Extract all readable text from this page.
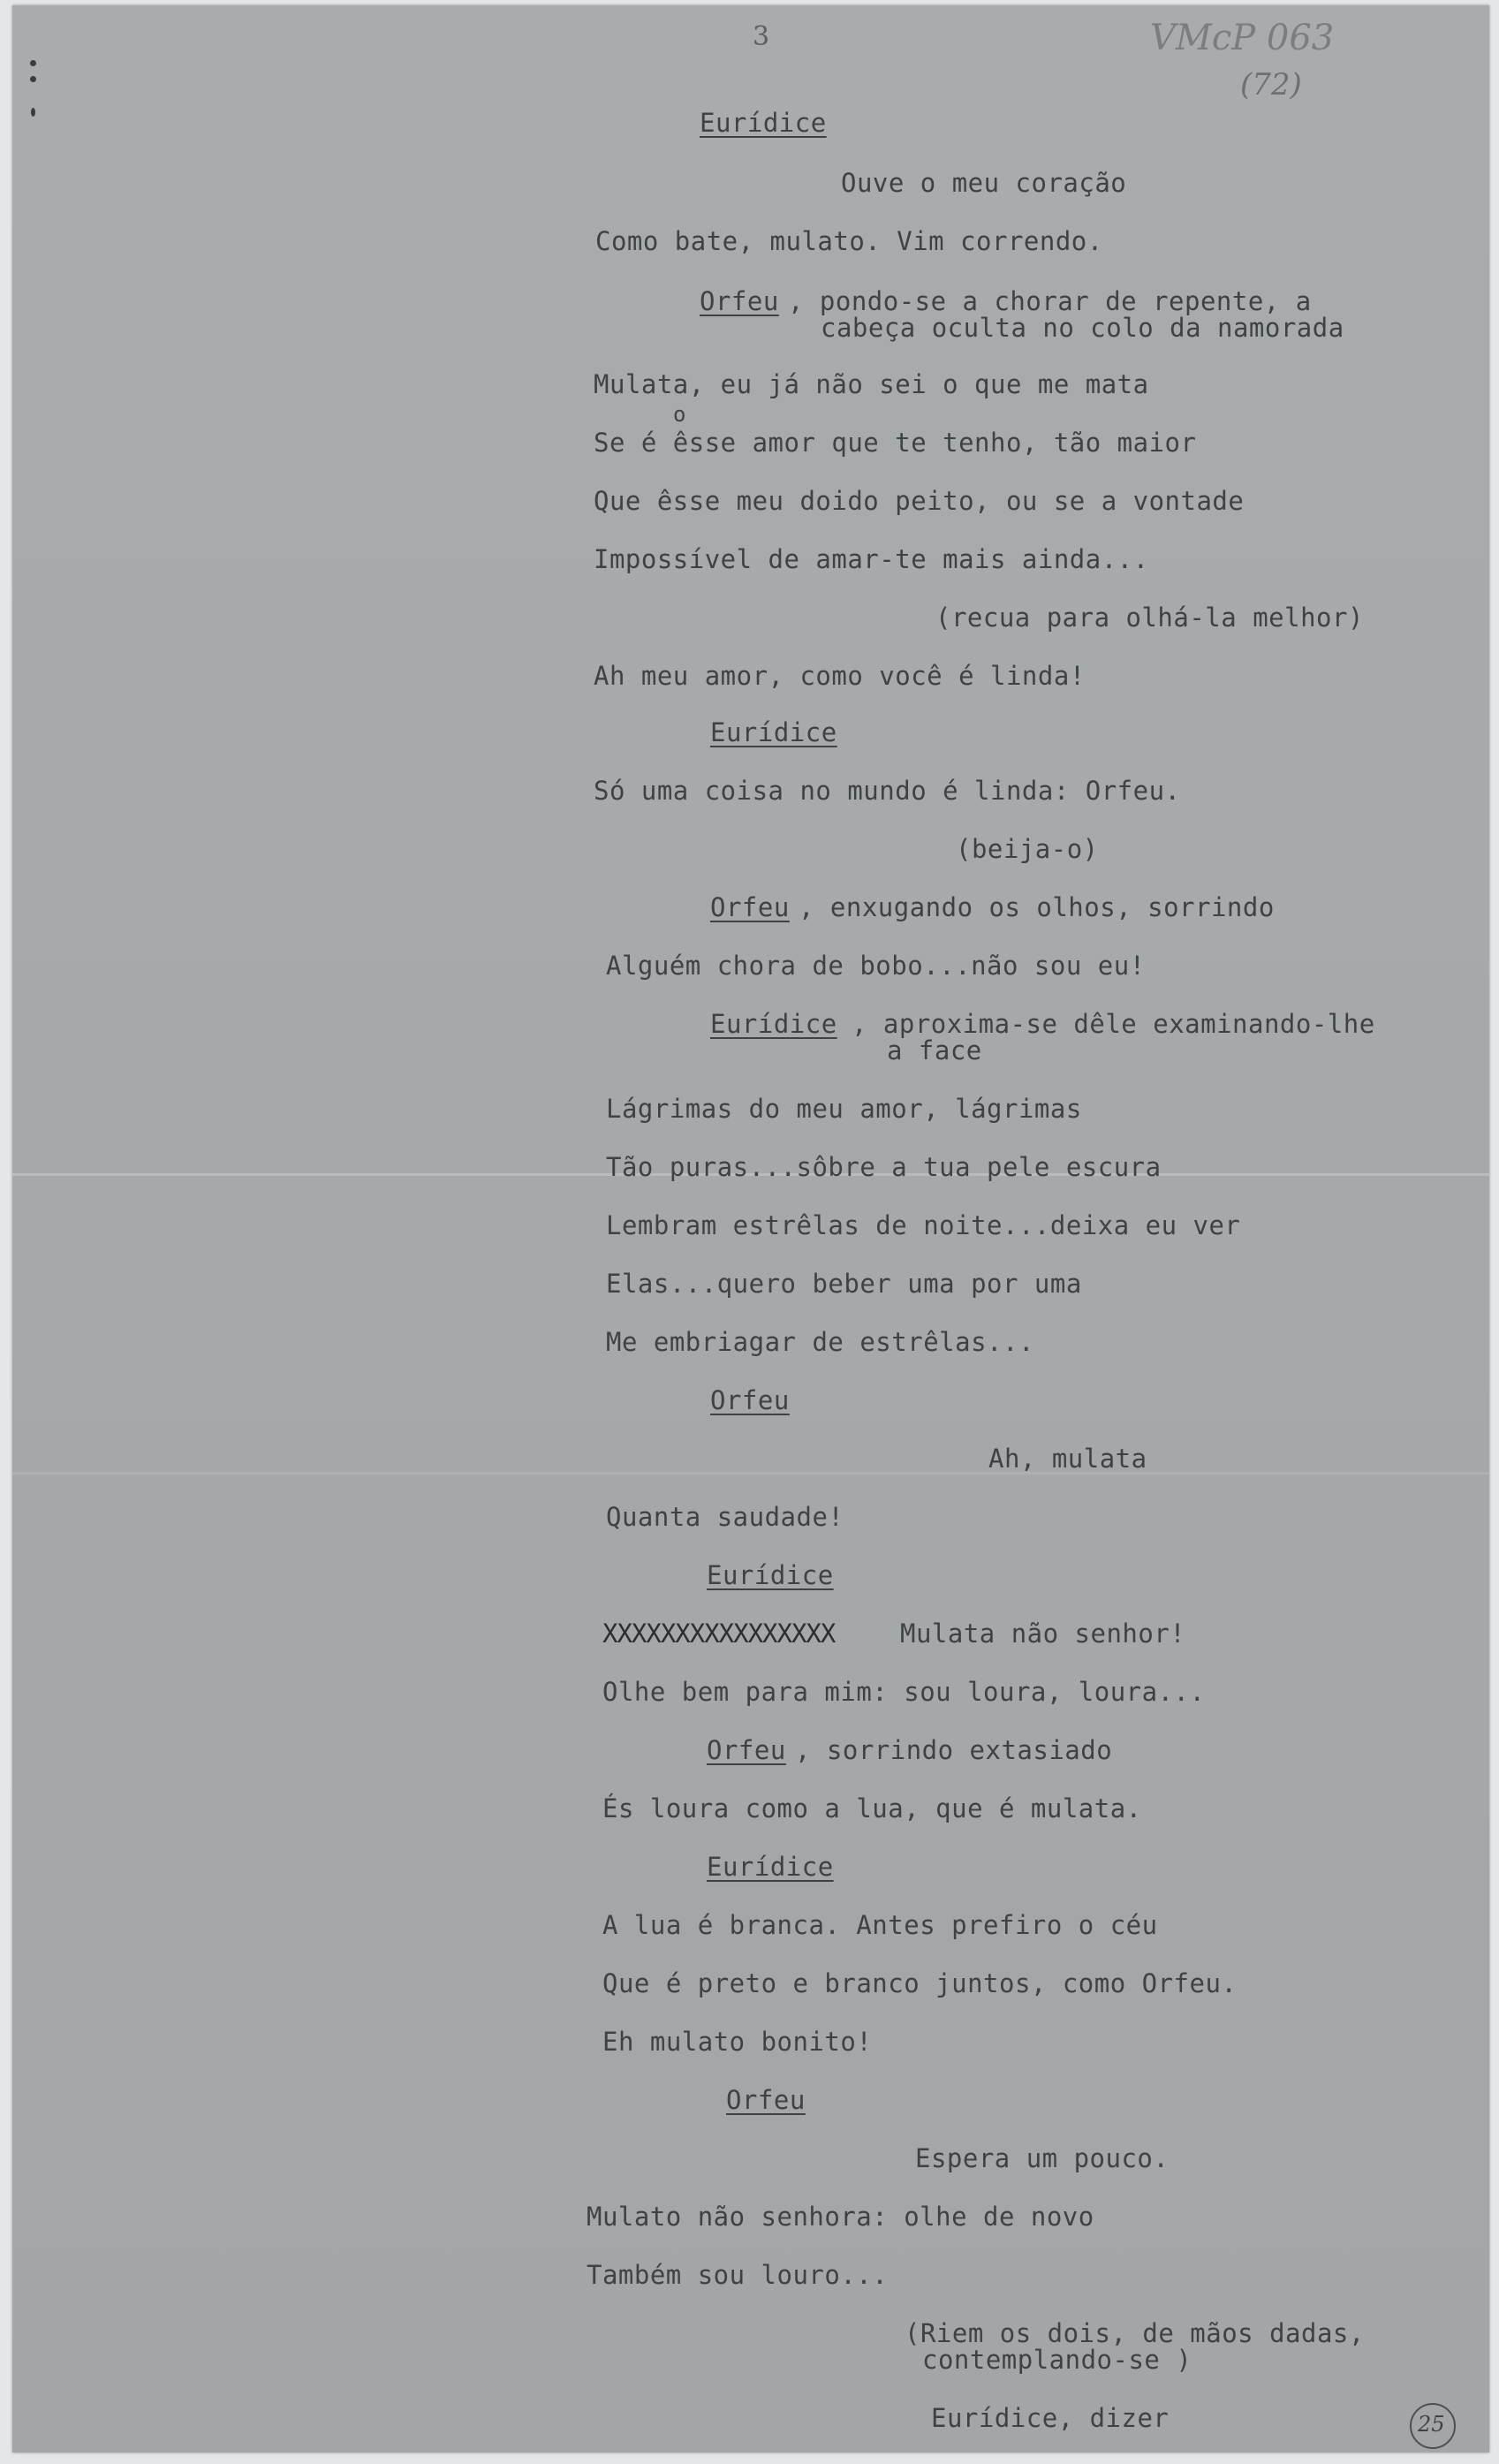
3	VMcP 063
(72)
Eurídice
Ouve o meu coração
Como bate, mulato. Vim correndo.
Orfeu , pondo-se a chorar de repente, a
cabeça oculta no colo da namorada
Mulata, eu já não sei o que me mata
o
Se é êsse amor que te tenho, tão maior
Que êsse meu doido peito, ou se a vontade
Impossível de amar-te mais ainda...
(recua para olhá-la melhor)
Ah meu amor, como você é linda!
Eurídice
Só uma coisa no mundo é linda: Orfeu.
(beija-o)
Orfeu , enxugando os olhos, sorrindo
Alguém chora de bobo...não sou eu!
Eurídice , aproxima-se dêle examinando-lhe
a face
Lágrimas do meu amor, lágrimas
Tão puras...sôbre a tua pele escura
Lembram estrêlas de noite...deixa eu ver
Elas...quero beber uma por uma
Me embriagar de estrêlas...
Orfeu
Ah, mulata
Quanta saudade!
Eurídice
XXXXXXXXXXXXXXXX	Mulata não senhor!
Olhe bem para mim: sou loura, loura...
Orfeu , sorrindo extasiado
És loura como a lua, que é mulata.
Eurídice
A lua é branca. Antes prefiro o céu
Que é preto e branco juntos, como Orfeu.
Eh mulato bonito!
Orfeu
Espera um pouco.
Mulato não senhora: olhe de novo
Também sou louro...
(Riem os dois, de mãos dadas,
contemplando-se )
Eurídice, dizer	25
